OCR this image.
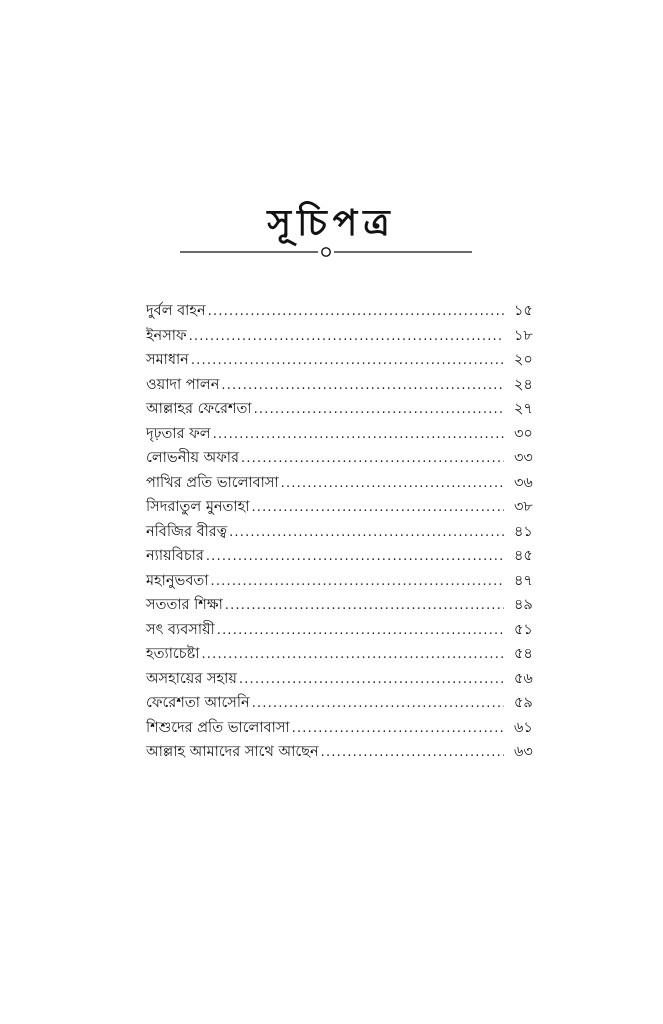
সূচিপত্র
দুর্বল বাহন .....	১৫
ইনসাফ .....	১৮
সমাধান .....	২০
ওয়াদা পালন .....	২৪
আল্লাহর ফেরেশতা .....	২৭
দৃঢ়তার ফল .....	৩০
লোভনীয় অফার .....	৩৩
পাখির প্রতি ভালোবাসা .....	৩৬
সিদরাতুল মুনতাহা .....	৩৮
নবিজির বীরত্ব .....	৪১
ন্যায়বিচার .....	৪৫
মহানুভবতা .....	৪৭
সততার শিক্ষা .....	৪৯
সৎ ব্যবসায়ী .....	৫১
হত্যাচেষ্টা .....	৫৪
অসহায়ের সহায় .....	৫৬
ফেরেশতা আসেনি .....	৫৯
শিশুদের প্রতি ভালোবাসা .....	৬১
আল্লাহ আমাদের সাথে আছেন .....	৬৩
